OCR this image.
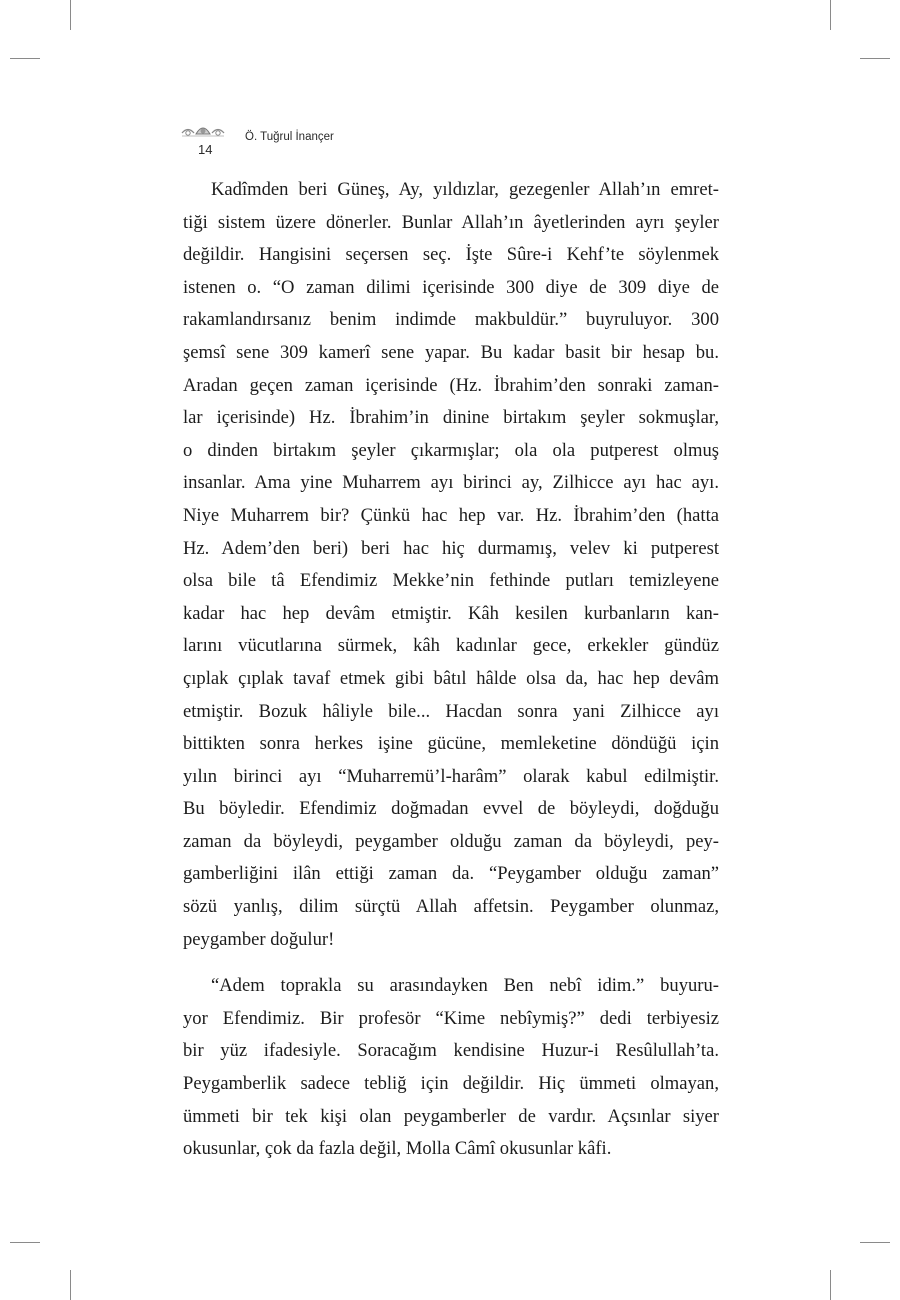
14
Ö. Tuğrul İnançer
Kadîmden beri Güneş, Ay, yıldızlar, gezegenler Allah’ın emret-
tiği sistem üzere dönerler. Bunlar Allah’ın âyetlerinden ayrı şeyler
değildir. Hangisini seçersen seç. İşte Sûre-i Kehf’te söylenmek
istenen o. “O zaman dilimi içerisinde 300 diye de 309 diye de
rakamlandırsanız benim indimde makbuldür.” buyruluyor. 300
şemsî sene 309 kamerî sene yapar. Bu kadar basit bir hesap bu.
Aradan geçen zaman içerisinde (Hz. İbrahim’den sonraki zaman-
lar içerisinde) Hz. İbrahim’in dinine birtakım şeyler sokmuşlar,
o dinden birtakım şeyler çıkarmışlar; ola ola putperest olmuş
insanlar. Ama yine Muharrem ayı birinci ay, Zilhicce ayı hac ayı.
Niye Muharrem bir? Çünkü hac hep var. Hz. İbrahim’den (hatta
Hz. Adem’den beri) beri hac hiç durmamış, velev ki putperest
olsa bile tâ Efendimiz Mekke’nin fethinde putları temizleyene
kadar hac hep devâm etmiştir. Kâh kesilen kurbanların kan-
larını vücutlarına sürmek, kâh kadınlar gece, erkekler gündüz
çıplak çıplak tavaf etmek gibi bâtıl hâlde olsa da, hac hep devâm
etmiştir. Bozuk hâliyle bile... Hacdan sonra yani Zilhicce ayı
bittikten sonra herkes işine gücüne, memleketine döndüğü için
yılın birinci ayı “Muharremü’l-harâm” olarak kabul edilmiştir.
Bu böyledir. Efendimiz doğmadan evvel de böyleydi, doğduğu
zaman da böyleydi, peygamber olduğu zaman da böyleydi, pey-
gamberliğini ilân ettiği zaman da. “Peygamber olduğu zaman”
sözü yanlış, dilim sürçtü Allah affetsin. Peygamber olunmaz,
peygamber doğulur!
“Adem toprakla su arasındayken Ben nebî idim.” buyuru-
yor Efendimiz. Bir profesör “Kime nebîymiş?” dedi terbiyesiz
bir yüz ifadesiyle. Soracağım kendisine Huzur-i Resûlullah’ta.
Peygamberlik sadece tebliğ için değildir. Hiç ümmeti olmayan,
ümmeti bir tek kişi olan peygamberler de vardır. Açsınlar siyer
okusunlar, çok da fazla değil, Molla Câmî okusunlar kâfi.
